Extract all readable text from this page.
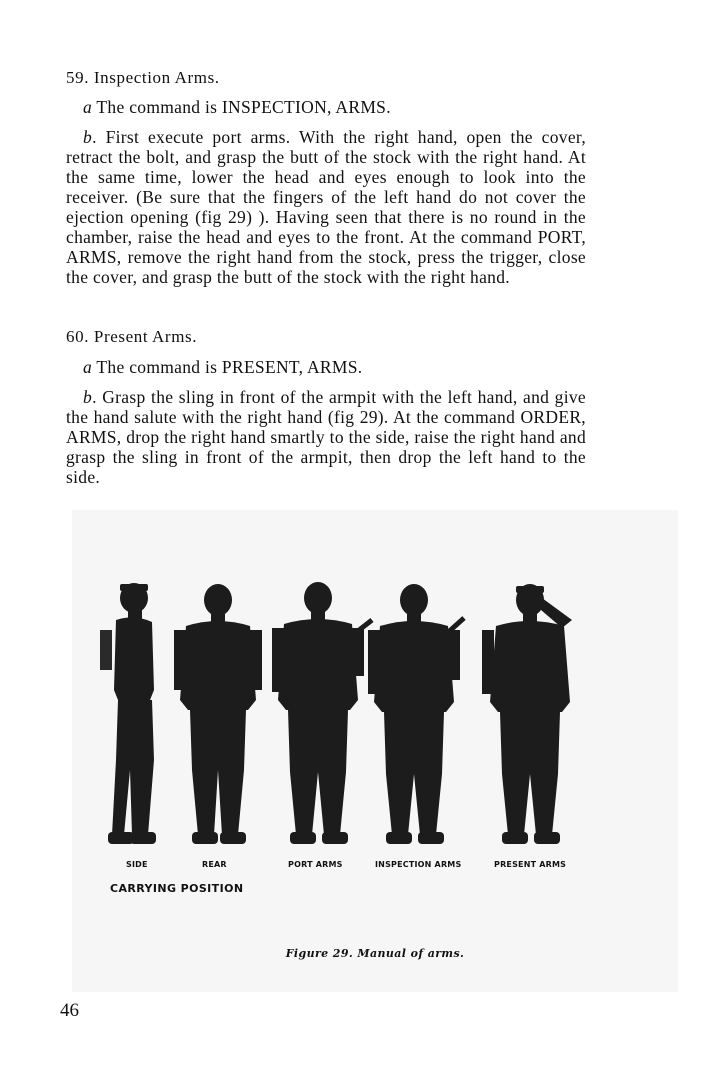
59. Inspection Arms.

a The command is INSPECTION, ARMS.

b. First execute port arms. With the right hand, open the cover, retract the bolt, and grasp the butt of the stock with the right hand. At the same time, lower the head and eyes enough to look into the receiver. (Be sure that the fingers of the left hand do not cover the ejection opening (fig 29) ). Having seen that there is no round in the chamber, raise the head and eyes to the front. At the command PORT, ARMS, remove the right hand from the stock, press the trigger, close the cover, and grasp the butt of the stock with the right hand.

60. Present Arms.

a The command is PRESENT, ARMS.

b. Grasp the sling in front of the armpit with the left hand, and give the hand salute with the right hand (fig 29). At the command ORDER, ARMS, drop the right hand smartly to the side, raise the right hand and grasp the sling in front of the armpit, then drop the left hand to the side.

SIDE	REAR	PORT ARMS	INSPECTION ARMS	PRESENT ARMS
CARRYING POSITION
Figure 29. Manual of arms.
46
